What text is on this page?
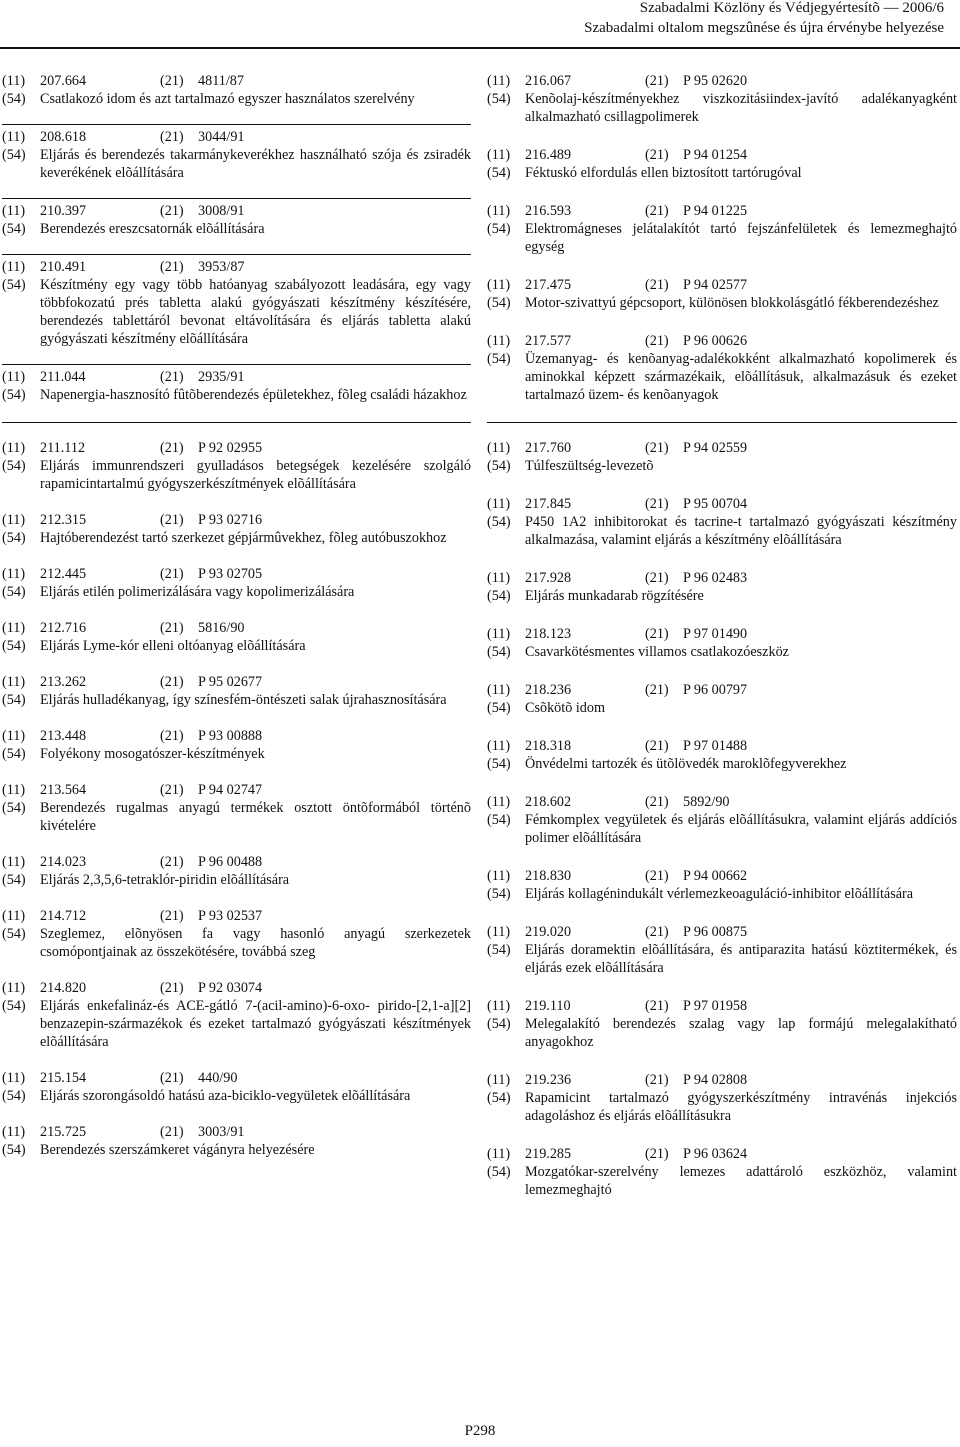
Szabadalmi Közlöny és Védjegyértesítõ — 2006/6
Szabadalmi oltalom megszûnése és újra érvénybe helyezése
(11)	207.664	(21)	4811/87
(54)	Csatlakozó idom és azt tartalmazó egyszer használatos szerelvény
(11)	208.618	(21)	3044/91
(54)	Eljárás és berendezés takarmánykeverékhez használható szója és zsiradék keverékének elõállítására
(11)	210.397	(21)	3008/91
(54)	Berendezés ereszcsatornák elõállítására
(11)	210.491	(21)	3953/87
(54)	Készítmény egy vagy több hatóanyag szabályozott leadására, egy vagy többfokozatú prés tabletta alakú gyógyászati készítmény készítésére, berendezés tablettáról bevonat eltávolítására és eljárás tabletta alakú gyógyászati készítmény elõállítására
(11)	211.044	(21)	2935/91
(54)	Napenergia-hasznosító fûtõberendezés épületekhez, fõleg családi házakhoz
(11)	211.112	(21)	P 92 02955
(54)	Eljárás immunrendszeri gyulladásos betegségek kezelésére szolgáló rapamicintartalmú gyógyszerkészítmények elõállítására
(11)	212.315	(21)	P 93 02716
(54)	Hajtóberendezést tartó szerkezet gépjármûvekhez, fõleg autóbuszokhoz
(11)	212.445	(21)	P 93 02705
(54)	Eljárás etilén polimerizálására vagy kopolimerizálására
(11)	212.716	(21)	5816/90
(54)	Eljárás Lyme-kór elleni oltóanyag elõállítására
(11)	213.262	(21)	P 95 02677
(54)	Eljárás hulladékanyag, így színesfém-öntészeti salak újrahasznosítására
(11)	213.448	(21)	P 93 00888
(54)	Folyékony mosogatószer-készítmények
(11)	213.564	(21)	P 94 02747
(54)	Berendezés rugalmas anyagú termékek osztott öntõformából történõ kivételére
(11)	214.023	(21)	P 96 00488
(54)	Eljárás 2,3,5,6-tetraklór-piridin elõállítására
(11)	214.712	(21)	P 93 02537
(54)	Szeglemez, elõnyösen fa vagy hasonló anyagú szerkezetek csomópontjainak az összekötésére, továbbá szeg
(11)	214.820	(21)	P 92 03074
(54)	Eljárás enkefalináz-és ACE-gátló 7-(acil-amino)-6-oxo- pirido-[2,1-a][2] benzazepin-származékok és ezeket tartalmazó gyógyászati készítmények elõállítására
(11)	215.154	(21)	440/90
(54)	Eljárás szorongásoldó hatású aza-biciklo-vegyületek elõállítására
(11)	215.725	(21)	3003/91
(54)	Berendezés szerszámkeret vágányra helyezésére
(11)	216.067	(21)	P 95 02620
(54)	Kenõolaj-készítményekhez viszkozitásiindex-javító adalékanyagként alkalmazható csillagpolimerek
(11)	216.489	(21)	P 94 01254
(54)	Féktuskó elfordulás ellen biztosított tartórugóval
(11)	216.593	(21)	P 94 01225
(54)	Elektromágneses jelátalakítót tartó fejszánfelületek és lemezmeghajtó egység
(11)	217.475	(21)	P 94 02577
(54)	Motor-szivattyú gépcsoport, különösen blokkolásgátló fékberendezéshez
(11)	217.577	(21)	P 96 00626
(54)	Üzemanyag- és kenõanyag-adalékokként alkalmazható kopolimerek és aminokkal képzett származékaik, elõállításuk, alkalmazásuk és ezeket tartalmazó üzem- és kenõanyagok
(11)	217.760	(21)	P 94 02559
(54)	Túlfeszültség-levezetõ
(11)	217.845	(21)	P 95 00704
(54)	P450 1A2 inhibitorokat és tacrine-t tartalmazó gyógyászati készítmény alkalmazása, valamint eljárás a készítmény elõállítására
(11)	217.928	(21)	P 96 02483
(54)	Eljárás munkadarab rögzítésére
(11)	218.123	(21)	P 97 01490
(54)	Csavarkötésmentes villamos csatlakozóeszköz
(11)	218.236	(21)	P 96 00797
(54)	Csõkötõ idom
(11)	218.318	(21)	P 97 01488
(54)	Önvédelmi tartozék és ütõlövedék maroklõfegyverekhez
(11)	218.602	(21)	5892/90
(54)	Fémkomplex vegyületek és eljárás elõállításukra, valamint eljárás addíciós polimer elõállítására
(11)	218.830	(21)	P 94 00662
(54)	Eljárás kollagénindukált vérlemezkeoaguláció-inhibitor elõállítására
(11)	219.020	(21)	P 96 00875
(54)	Eljárás doramektin elõállítására, és antiparazita hatású köztitermékek, és eljárás ezek elõállítására
(11)	219.110	(21)	P 97 01958
(54)	Melegalakító berendezés szalag vagy lap formájú melegalakítható anyagokhoz
(11)	219.236	(21)	P 94 02808
(54)	Rapamicint tartalmazó gyógyszerkészítmény intravénás injekciós adagoláshoz és eljárás elõállításukra
(11)	219.285	(21)	P 96 03624
(54)	Mozgatókar-szerelvény lemezes adattároló eszközhöz, valamint lemezmeghajtó
P298
